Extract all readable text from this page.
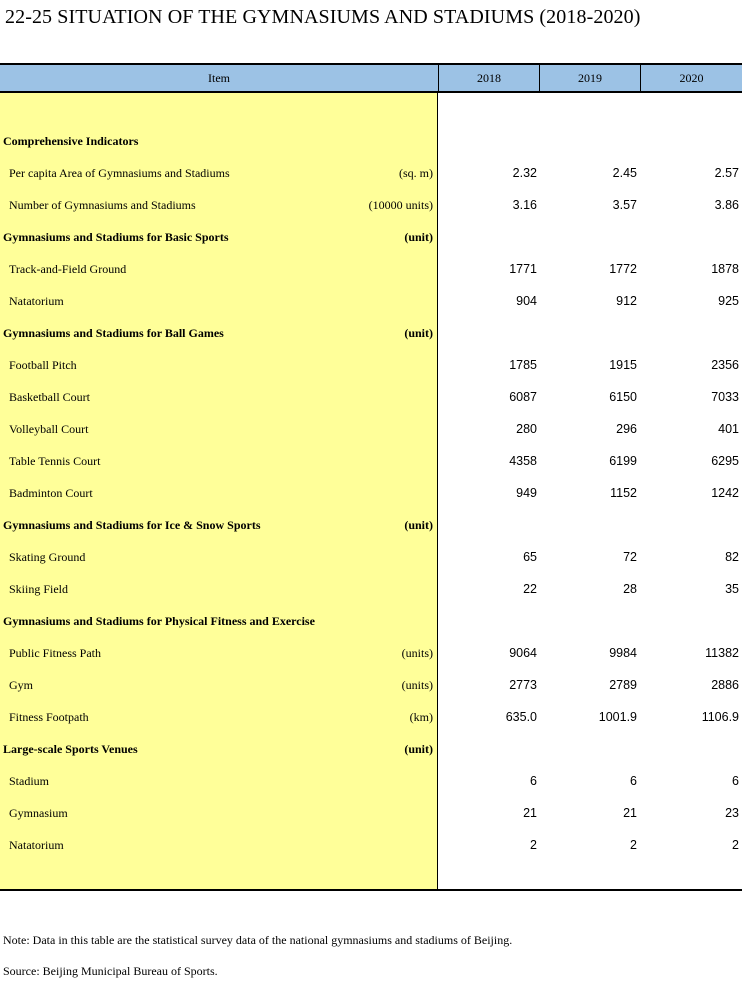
22-25 SITUATION OF THE GYMNASIUMS AND STADIUMS (2018-2020)
Item	2018	2019	2020
Comprehensive Indicators
Per capita Area of Gymnasiums and Stadiums	(sq. m)	2.32	2.45	2.57
Number of Gymnasiums and Stadiums	(10000 units)	3.16	3.57	3.86
Gymnasiums and Stadiums for Basic Sports	(unit)
Track-and-Field Ground	1771	1772	1878
Natatorium	904	912	925
Gymnasiums and Stadiums for Ball Games	(unit)
Football Pitch	1785	1915	2356
Basketball Court	6087	6150	7033
Volleyball Court	280	296	401
Table Tennis Court	4358	6199	6295
Badminton Court	949	1152	1242
Gymnasiums and Stadiums for Ice & Snow Sports	(unit)
Skating Ground	65	72	82
Skiing Field	22	28	35
Gymnasiums and Stadiums for Physical Fitness and Exercise
Public Fitness Path	(units)	9064	9984	11382
Gym	(units)	2773	2789	2886
Fitness Footpath	(km)	635.0	1001.9	1106.9
Large-scale Sports Venues	(unit)
Stadium	6	6	6
Gymnasium	21	21	23
Natatorium	2	2	2
Note: Data in this table are the statistical survey data of the national gymnasiums and stadiums of Beijing.
Source: Beijing Municipal Bureau of Sports.
